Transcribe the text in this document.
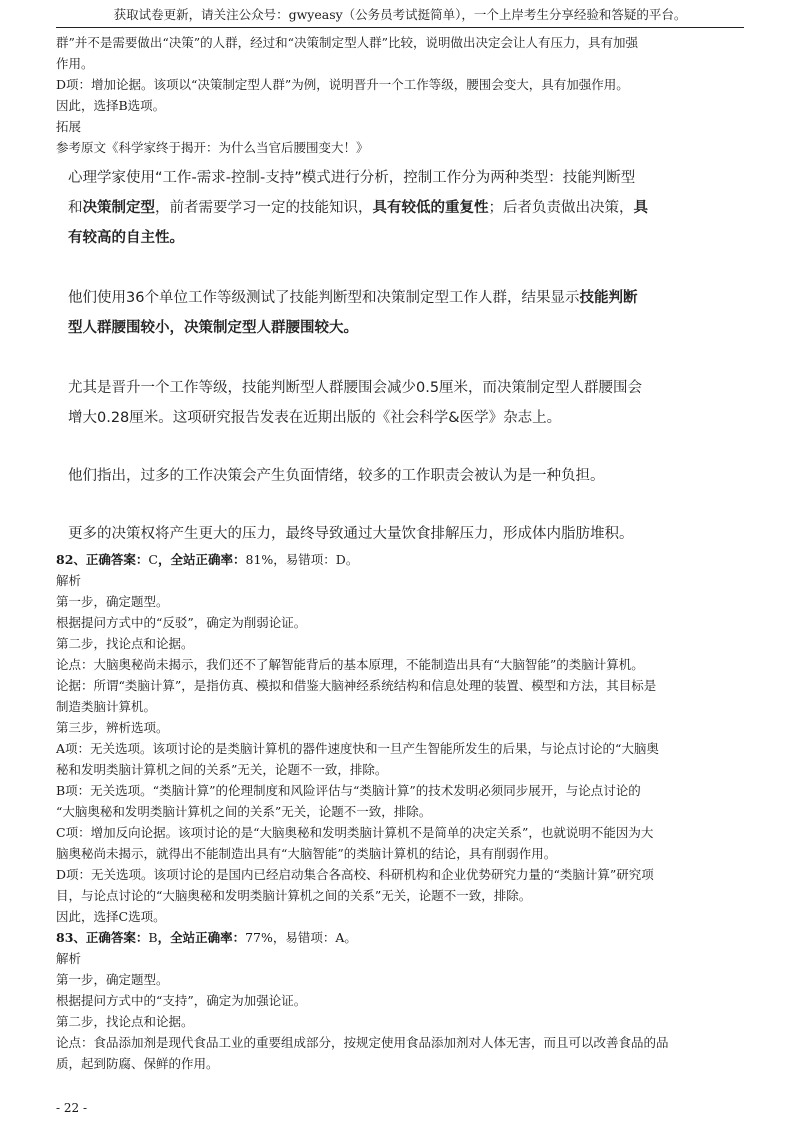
获取试卷更新，请关注公众号：gwyeasy（公务员考试挺简单），一个上岸考生分享经验和答疑的平台。

群”并不是需要做出“决策”的人群，经过和“决策制定型人群”比较，说明做出决定会让人有压力，具有加强

作用。

D项：增加论据。该项以“决策制定型人群”为例，说明晋升一个工作等级，腰围会变大，具有加强作用。

因此，选择B选项。

拓展

参考原文《科学家终于揭开：为什么当官后腰围变大！》

心理学家使用“工作-需求-控制-支持”模式进行分析，控制工作分为两种类型：技能判断型

和决策制定型，前者需要学习一定的技能知识，具有较低的重复性；后者负责做出决策，具

有较高的自主性。

他们使用36个单位工作等级测试了技能判断型和决策制定型工作人群，结果显示技能判断

型人群腰围较小，决策制定型人群腰围较大。

尤其是晋升一个工作等级，技能判断型人群腰围会减少0.5厘米，而决策制定型人群腰围会

增大0.28厘米。这项研究报告发表在近期出版的《社会科学&医学》杂志上。

他们指出，过多的工作决策会产生负面情绪，较多的工作职责会被认为是一种负担。

更多的决策权将产生更大的压力，最终导致通过大量饮食排解压力，形成体内脂肪堆积。

82、正确答案：C，全站正确率：81%，易错项：D。

解析

第一步，确定题型。

根据提问方式中的“反驳”，确定为削弱论证。

第二步，找论点和论据。

论点：大脑奥秘尚未揭示，我们还不了解智能背后的基本原理，不能制造出具有“大脑智能”的类脑计算机。

论据：所谓“类脑计算”，是指仿真、模拟和借鉴大脑神经系统结构和信息处理的装置、模型和方法，其目标是

制造类脑计算机。

第三步，辨析选项。

A项：无关选项。该项讨论的是类脑计算机的器件速度快和一旦产生智能所发生的后果，与论点讨论的“大脑奥

秘和发明类脑计算机之间的关系”无关，论题不一致，排除。

B项：无关选项。“类脑计算”的伦理制度和风险评估与“类脑计算”的技术发明必须同步展开，与论点讨论的

“大脑奥秘和发明类脑计算机之间的关系”无关，论题不一致，排除。

C项：增加反向论据。该项讨论的是“大脑奥秘和发明类脑计算机不是简单的决定关系”，也就说明不能因为大

脑奥秘尚未揭示，就得出不能制造出具有“大脑智能”的类脑计算机的结论，具有削弱作用。

D项：无关选项。该项讨论的是国内已经启动集合各高校、科研机构和企业优势研究力量的“类脑计算”研究项

目，与论点讨论的“大脑奥秘和发明类脑计算机之间的关系”无关，论题不一致，排除。

因此，选择C选项。

83、正确答案：B，全站正确率：77%，易错项：A。

解析

第一步，确定题型。

根据提问方式中的“支持”，确定为加强论证。

第二步，找论点和论据。

论点：食品添加剂是现代食品工业的重要组成部分，按规定使用食品添加剂对人体无害，而且可以改善食品的品

质，起到防腐、保鲜的作用。

- 22 -
